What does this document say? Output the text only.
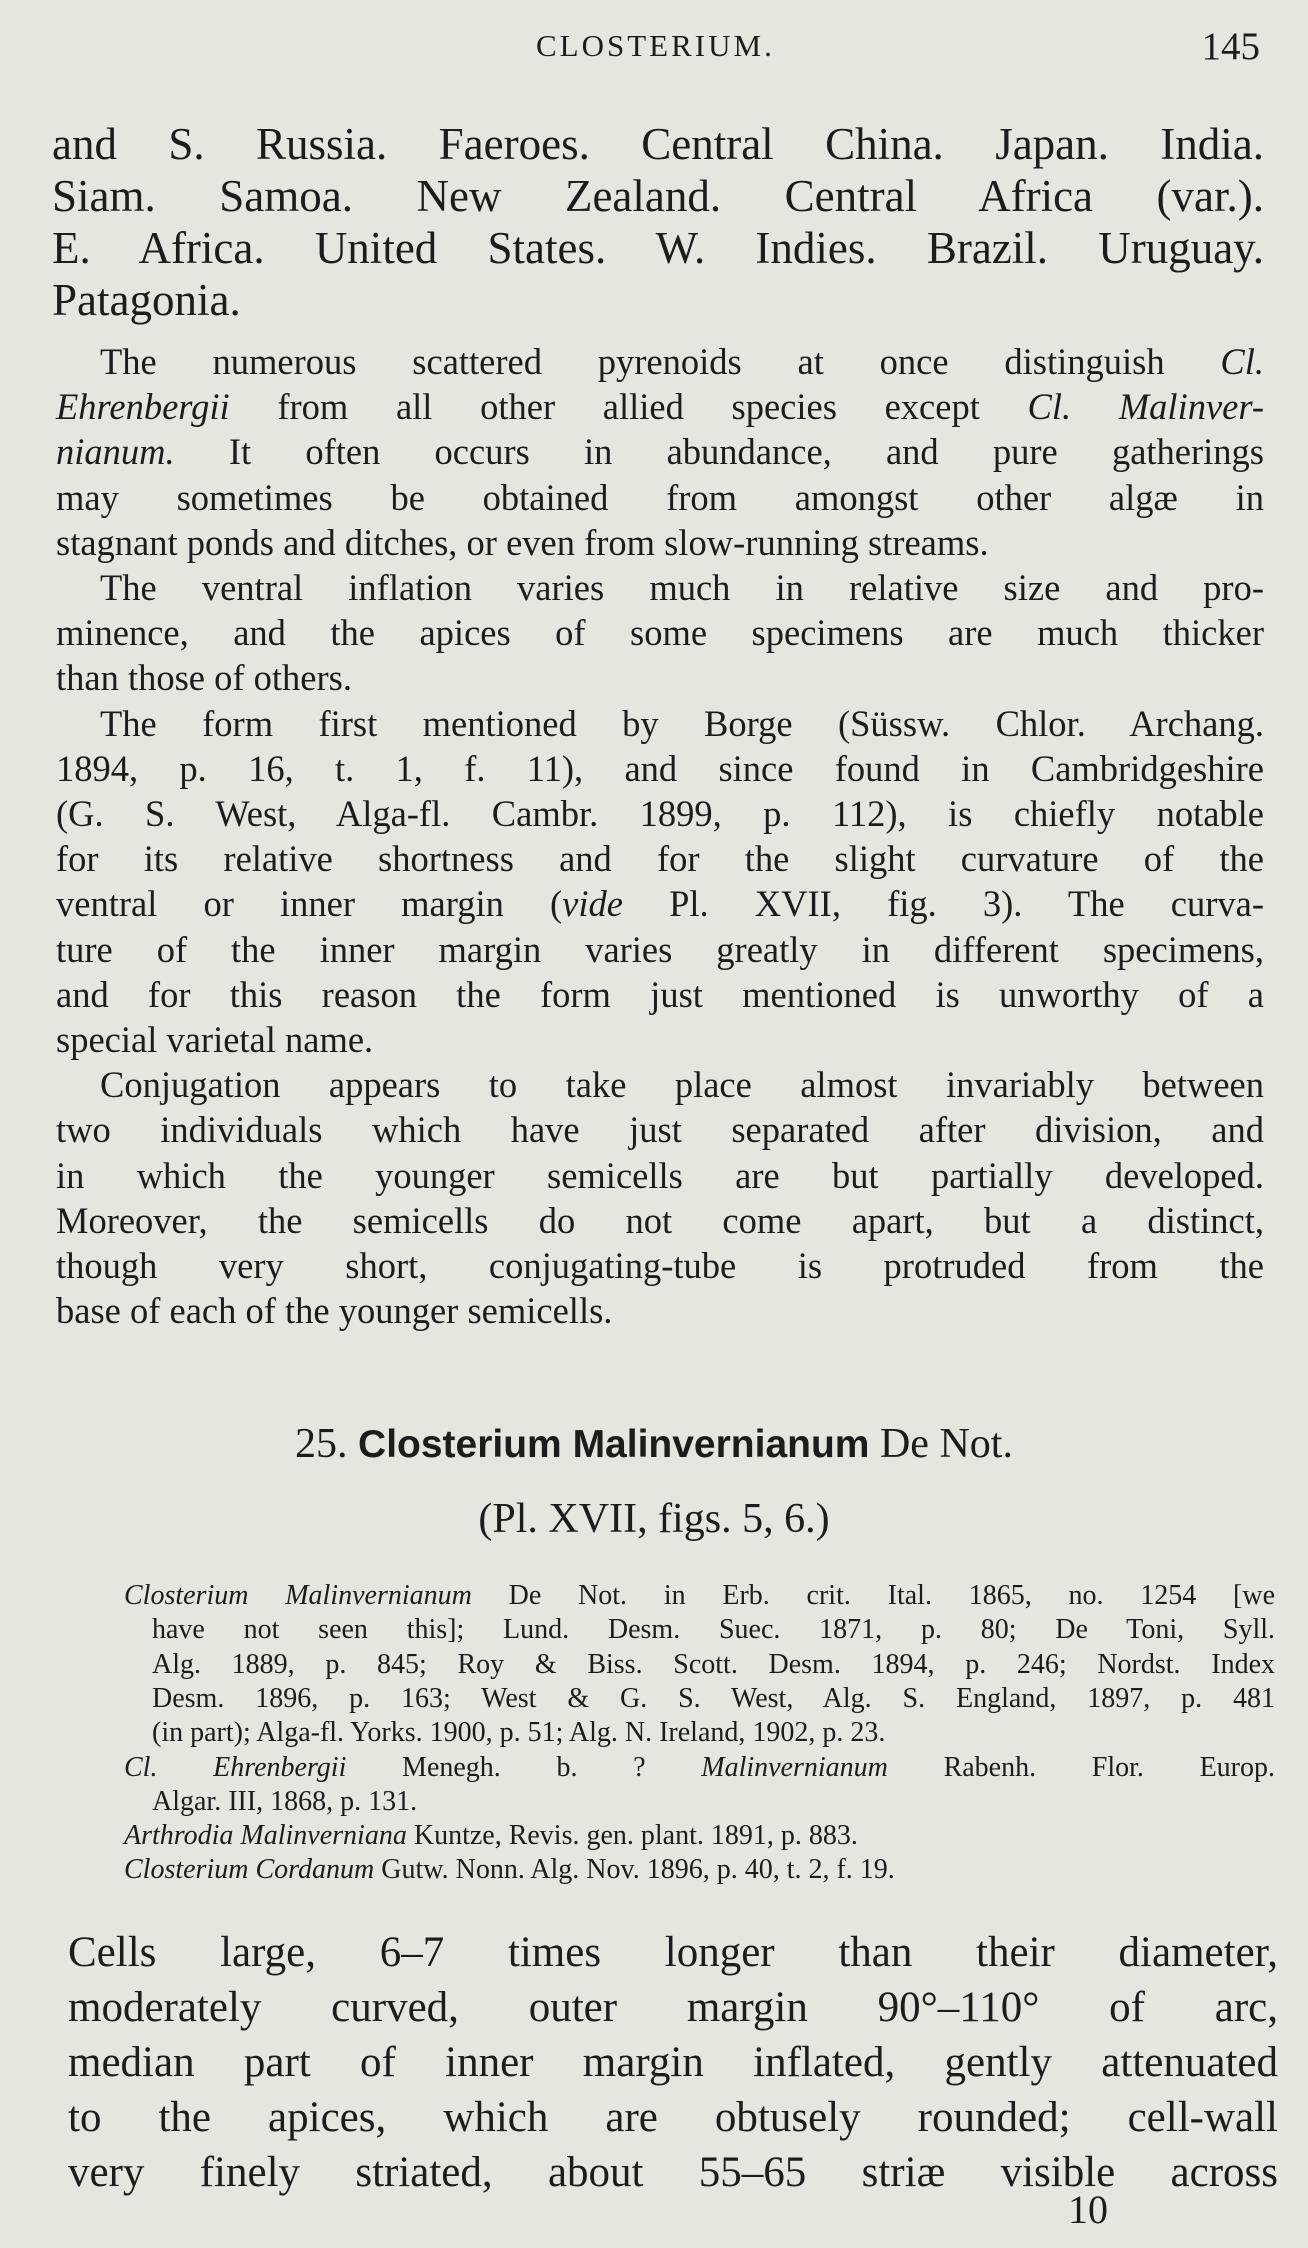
CLOSTERIUM.	145
and S. Russia. Faeroes. Central China. Japan. India.
Siam. Samoa. New Zealand. Central Africa (var.).
E. Africa. United States. W. Indies. Brazil. Uruguay.
Patagonia.
The numerous scattered pyrenoids at once distinguish Cl.
Ehrenbergii from all other allied species except Cl. Malinver-
nianum. It often occurs in abundance, and pure gatherings
may sometimes be obtained from amongst other algæ in
stagnant ponds and ditches, or even from slow-running streams.
The ventral inflation varies much in relative size and pro-
minence, and the apices of some specimens are much thicker
than those of others.
The form first mentioned by Borge (Süssw. Chlor. Archang.
1894, p. 16, t. 1, f. 11), and since found in Cambridgeshire
(G. S. West, Alga-fl. Cambr. 1899, p. 112), is chiefly notable
for its relative shortness and for the slight curvature of the
ventral or inner margin (vide Pl. XVII, fig. 3). The curva-
ture of the inner margin varies greatly in different specimens,
and for this reason the form just mentioned is unworthy of a
special varietal name.
Conjugation appears to take place almost invariably between
two individuals which have just separated after division, and
in which the younger semicells are but partially developed.
Moreover, the semicells do not come apart, but a distinct,
though very short, conjugating-tube is protruded from the
base of each of the younger semicells.
25. Closterium Malinvernianum De Not.
(Pl. XVII, figs. 5, 6.)
Closterium Malinvernianum De Not. in Erb. crit. Ital. 1865, no. 1254 [we
have not seen this]; Lund. Desm. Suec. 1871, p. 80; De Toni, Syll.
Alg. 1889, p. 845; Roy & Biss. Scott. Desm. 1894, p. 246; Nordst. Index
Desm. 1896, p. 163; West & G. S. West, Alg. S. England, 1897, p. 481
(in part); Alga-fl. Yorks. 1900, p. 51; Alg. N. Ireland, 1902, p. 23.
Cl. Ehrenbergii Menegh. b. ? Malinvernianum Rabenh. Flor. Europ.
Algar. III, 1868, p. 131.
Arthrodia Malinverniana Kuntze, Revis. gen. plant. 1891, p. 883.
Closterium Cordanum Gutw. Nonn. Alg. Nov. 1896, p. 40, t. 2, f. 19.
Cells large, 6–7 times longer than their diameter,
moderately curved, outer margin 90°–110° of arc,
median part of inner margin inflated, gently attenuated
to the apices, which are obtusely rounded; cell-wall
very finely striated, about 55–65 striæ visible across
10
